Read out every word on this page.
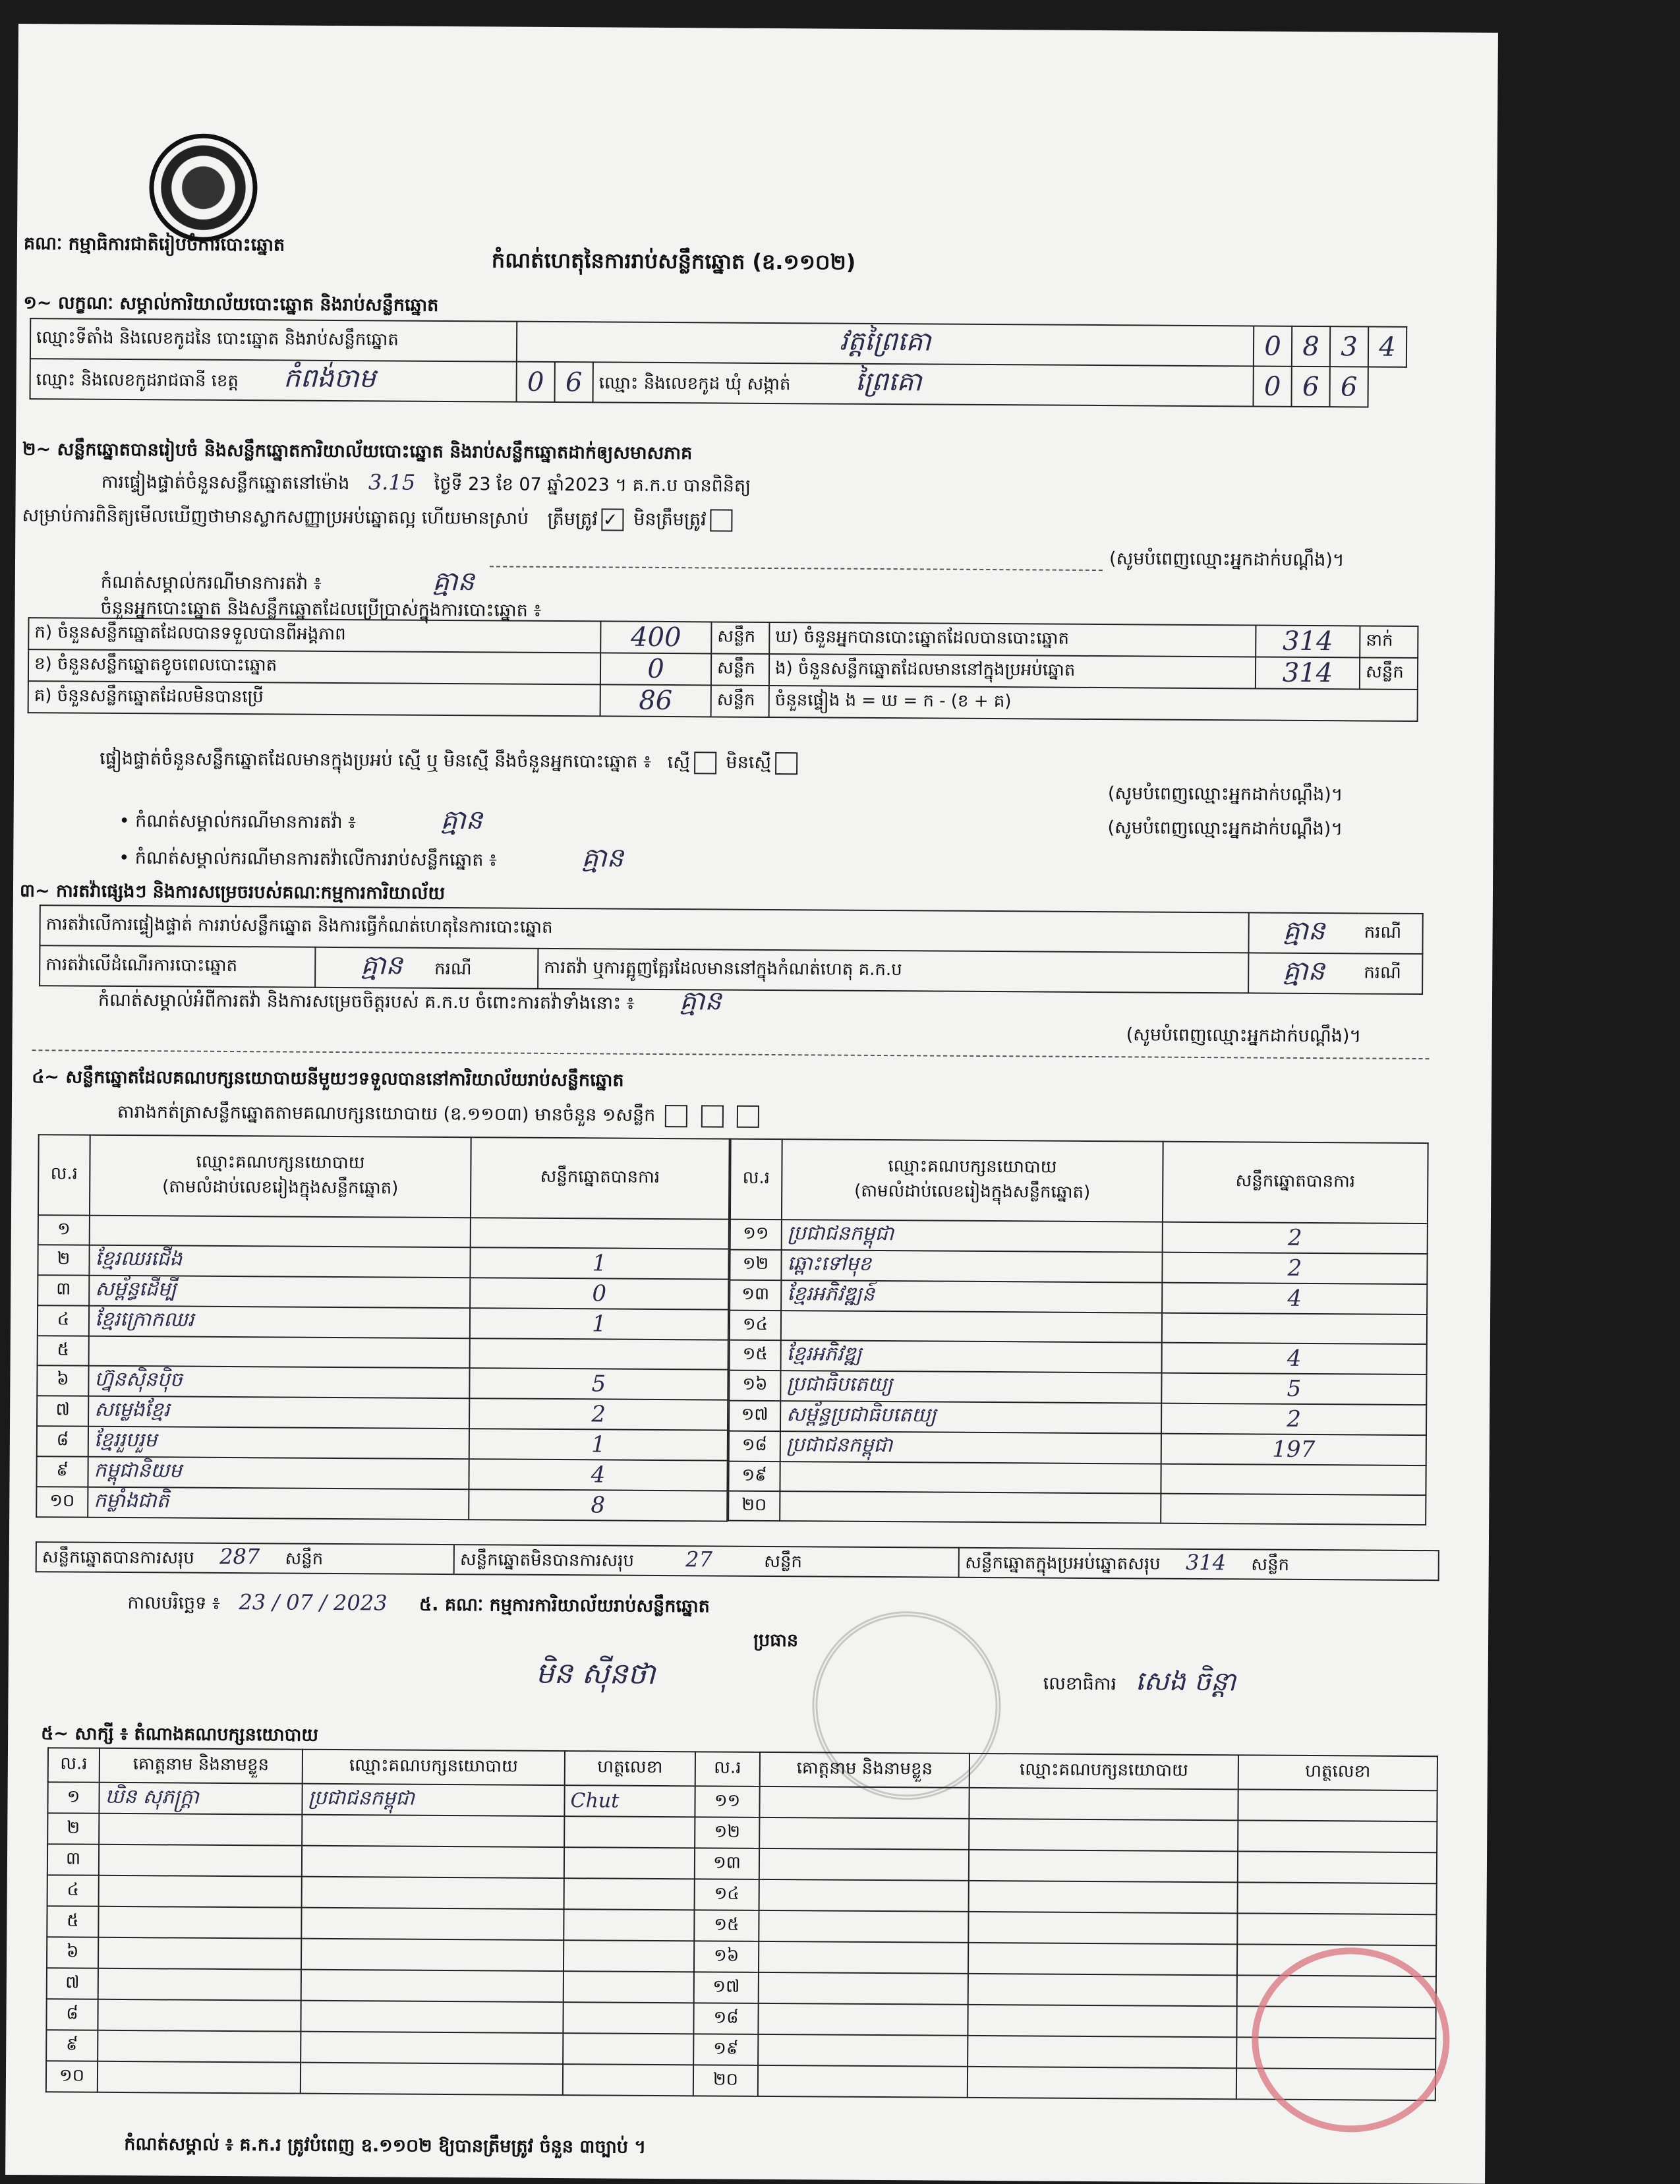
គណៈ កម្មាធិការជាតិរៀបចំការបោះឆ្នោត
កំណត់ហេតុនៃការរាប់សន្លឹកឆ្នោត (ឧ.១១០២)
១~ លក្ខណៈ សម្គាល់ការិយាល័យបោះឆ្នោត និងរាប់សន្លឹកឆ្នោត
ឈ្មោះទីតាំង និងលេខកូដនៃ បោះឆ្នោត និងរាប់សន្លឹកឆ្នោត	វត្តព្រៃគោ			0	8	3	4
ឈ្មោះ និងលេខកូដរាជធានី ខេត្ត កំពង់ចាម	0	6	ឈ្មោះ និងលេខកូដ ឃុំ សង្កាត់ ព្រៃគោ	0	6	6	
២~ សន្លឹកឆ្នោតបានរៀបចំ និងសន្លឹកឆ្នោតការិយាល័យបោះឆ្នោត និងរាប់សន្លឹកឆ្នោតដាក់ឲ្យសមាសភាគ
ការផ្ទៀងផ្ទាត់ចំនួនសន្លឹកឆ្នោតនៅម៉ោង 3.15 ថ្ងៃទី 23 ខែ 07 ឆ្នាំ2023 ។ គ.ក.ប បានពិនិត្យ
សម្រាប់ការពិនិត្យមើលឃើញថាមានស្លាកសញ្ញាប្រអប់ឆ្នោតល្អ ហើយមានស្រាប់ ត្រឹមត្រូវ ✓ មិនត្រឹមត្រូវ
(សូមបំពេញឈ្មោះអ្នកដាក់បណ្តឹង)។
កំណត់សម្គាល់ករណីមានការតវ៉ា ៖	គ្មាន
ចំនួនអ្នកបោះឆ្នោត និងសន្លឹកឆ្នោតដែលប្រើប្រាស់ក្នុងការបោះឆ្នោត ៖
ក) ចំនួនសន្លឹកឆ្នោតដែលបានទទួលបានពីអង្គភាព	400	សន្លឹក	ឃ) ចំនួនអ្នកបានបោះឆ្នោតដែលបានបោះឆ្នោត	314	នាក់
ខ) ចំនួនសន្លឹកឆ្នោតខូចពេលបោះឆ្នោត	0	សន្លឹក	ង) ចំនួនសន្លឹកឆ្នោតដែលមាននៅក្នុងប្រអប់ឆ្នោត	314	សន្លឹក
គ) ចំនួនសន្លឹកឆ្នោតដែលមិនបានប្រើ	86	សន្លឹក	ចំនួនផ្ទៀង ង = ឃ = ក - (ខ + គ)		
ផ្ទៀងផ្ទាត់ចំនួនសន្លឹកឆ្នោតដែលមានក្នុងប្រអប់ ស្មើ ឬ មិនស្មើ នឹងចំនួនអ្នកបោះឆ្នោត ៖ ស្មើ មិនស្មើ
(សូមបំពេញឈ្មោះអ្នកដាក់បណ្តឹង)។
• កំណត់សម្គាល់ករណីមានការតវ៉ា ៖	គ្មាន	(សូមបំពេញឈ្មោះអ្នកដាក់បណ្តឹង)។
• កំណត់សម្គាល់ករណីមានការតវ៉ាលើការរាប់សន្លឹកឆ្នោត ៖	គ្មាន
៣~ ការតវ៉ាផ្សេងៗ និងការសម្រេចរបស់គណៈកម្មការការិយាល័យ
ការតវ៉ាលើការផ្ទៀងផ្ទាត់ ការរាប់សន្លឹកឆ្នោត និងការធ្វើកំណត់ហេតុនៃការបោះឆ្នោត			គ្មាន	ករណី
ការតវ៉ាលើដំណើរការបោះឆ្នោត	គ្មាន ករណី	ការតវ៉ា ឬការត្អូញត្អែរដែលមាននៅក្នុងកំណត់ហេតុ គ.ក.ប	គ្មាន	ករណី
កំណត់សម្គាល់អំពីការតវ៉ា និងការសម្រេចចិត្តរបស់ គ.ក.ប ចំពោះការតវ៉ាទាំងនោះ ៖ គ្មាន
(សូមបំពេញឈ្មោះអ្នកដាក់បណ្តឹង)។
៤~ សន្លឹកឆ្នោតដែលគណបក្សនយោបាយនីមួយៗទទួលបាននៅការិយាល័យរាប់សន្លឹកឆ្នោត
តារាងកត់ត្រាសន្លឹកឆ្នោតតាមគណបក្សនយោបាយ (ឧ.១១០៣) មានចំនួន ១សន្លឹក
ល.រ	ឈ្មោះគណបក្សនយោបាយ
(តាមលំដាប់លេខរៀងក្នុងសន្លឹកឆ្នោត)	សន្លឹកឆ្នោតបានការ
១		
២	ខ្មែរឈរជើង	1
៣	សម្ព័ន្ធដើម្បី	0
៤	ខ្មែរក្រោកឈរ	1
៥		
៦	ហ្វ៊ុនស៊ិនប៉ិច	5
៧	សម្លេងខ្មែរ	2
៨	ខ្មែររួបរួម	1
៩	កម្ពុជានិយម	4
១០	កម្លាំងជាតិ	8
ល.រ	ឈ្មោះគណបក្សនយោបាយ
(តាមលំដាប់លេខរៀងក្នុងសន្លឹកឆ្នោត)	សន្លឹកឆ្នោតបានការ
១១	ប្រជាជនកម្ពុជា	2
១២	ឆ្ពោះទៅមុខ	2
១៣	ខ្មែរអភិវឌ្ឍន៍	4
១៤		
១៥	ខ្មែរអភិវឌ្ឍ	4
១៦	ប្រជាធិបតេយ្យ	5
១៧	សម្ព័ន្ធប្រជាធិបតេយ្យ	2
១៨	ប្រជាជនកម្ពុជា	197
១៩		
២០		
សន្លឹកឆ្នោតបានការសរុប 287 សន្លឹក	សន្លឹកឆ្នោតមិនបានការសរុប 27	សន្លឹក	សន្លឹកឆ្នោតក្នុងប្រអប់ឆ្នោតសរុប 314 សន្លឹក
កាលបរិច្ឆេទ ៖ 23 / 07 / 2023 ៥. គណៈ កម្មការការិយាល័យរាប់សន្លឹកឆ្នោត
ប្រធាន
មិន ស៊ីនថា	លេខាធិការ សេង ចិន្តា
៥~ សាក្សី ៖ តំណាងគណបក្សនយោបាយ
ល.រ	គោត្តនាម និងនាមខ្លួន	ឈ្មោះគណបក្សនយោបាយ	ហត្ថលេខា	ល.រ	គោត្តនាម និងនាមខ្លួន	ឈ្មោះគណបក្សនយោបាយ	ហត្ថលេខា
១	ឃិន សុភក្ដ្រា	ប្រជាជនកម្ពុជា	Chut	១១			
២				១២			
៣				១៣			
៤				១៤			
៥				១៥			
៦				១៦			
៧				១៧			
៨				១៨			
៩				១៩			
១០				២០			
កំណត់សម្គាល់ ៖ គ.ក.រ ត្រូវបំពេញ ឧ.១១០២ ឱ្យបានត្រឹមត្រូវ ចំនួន ៣ច្បាប់ ។
